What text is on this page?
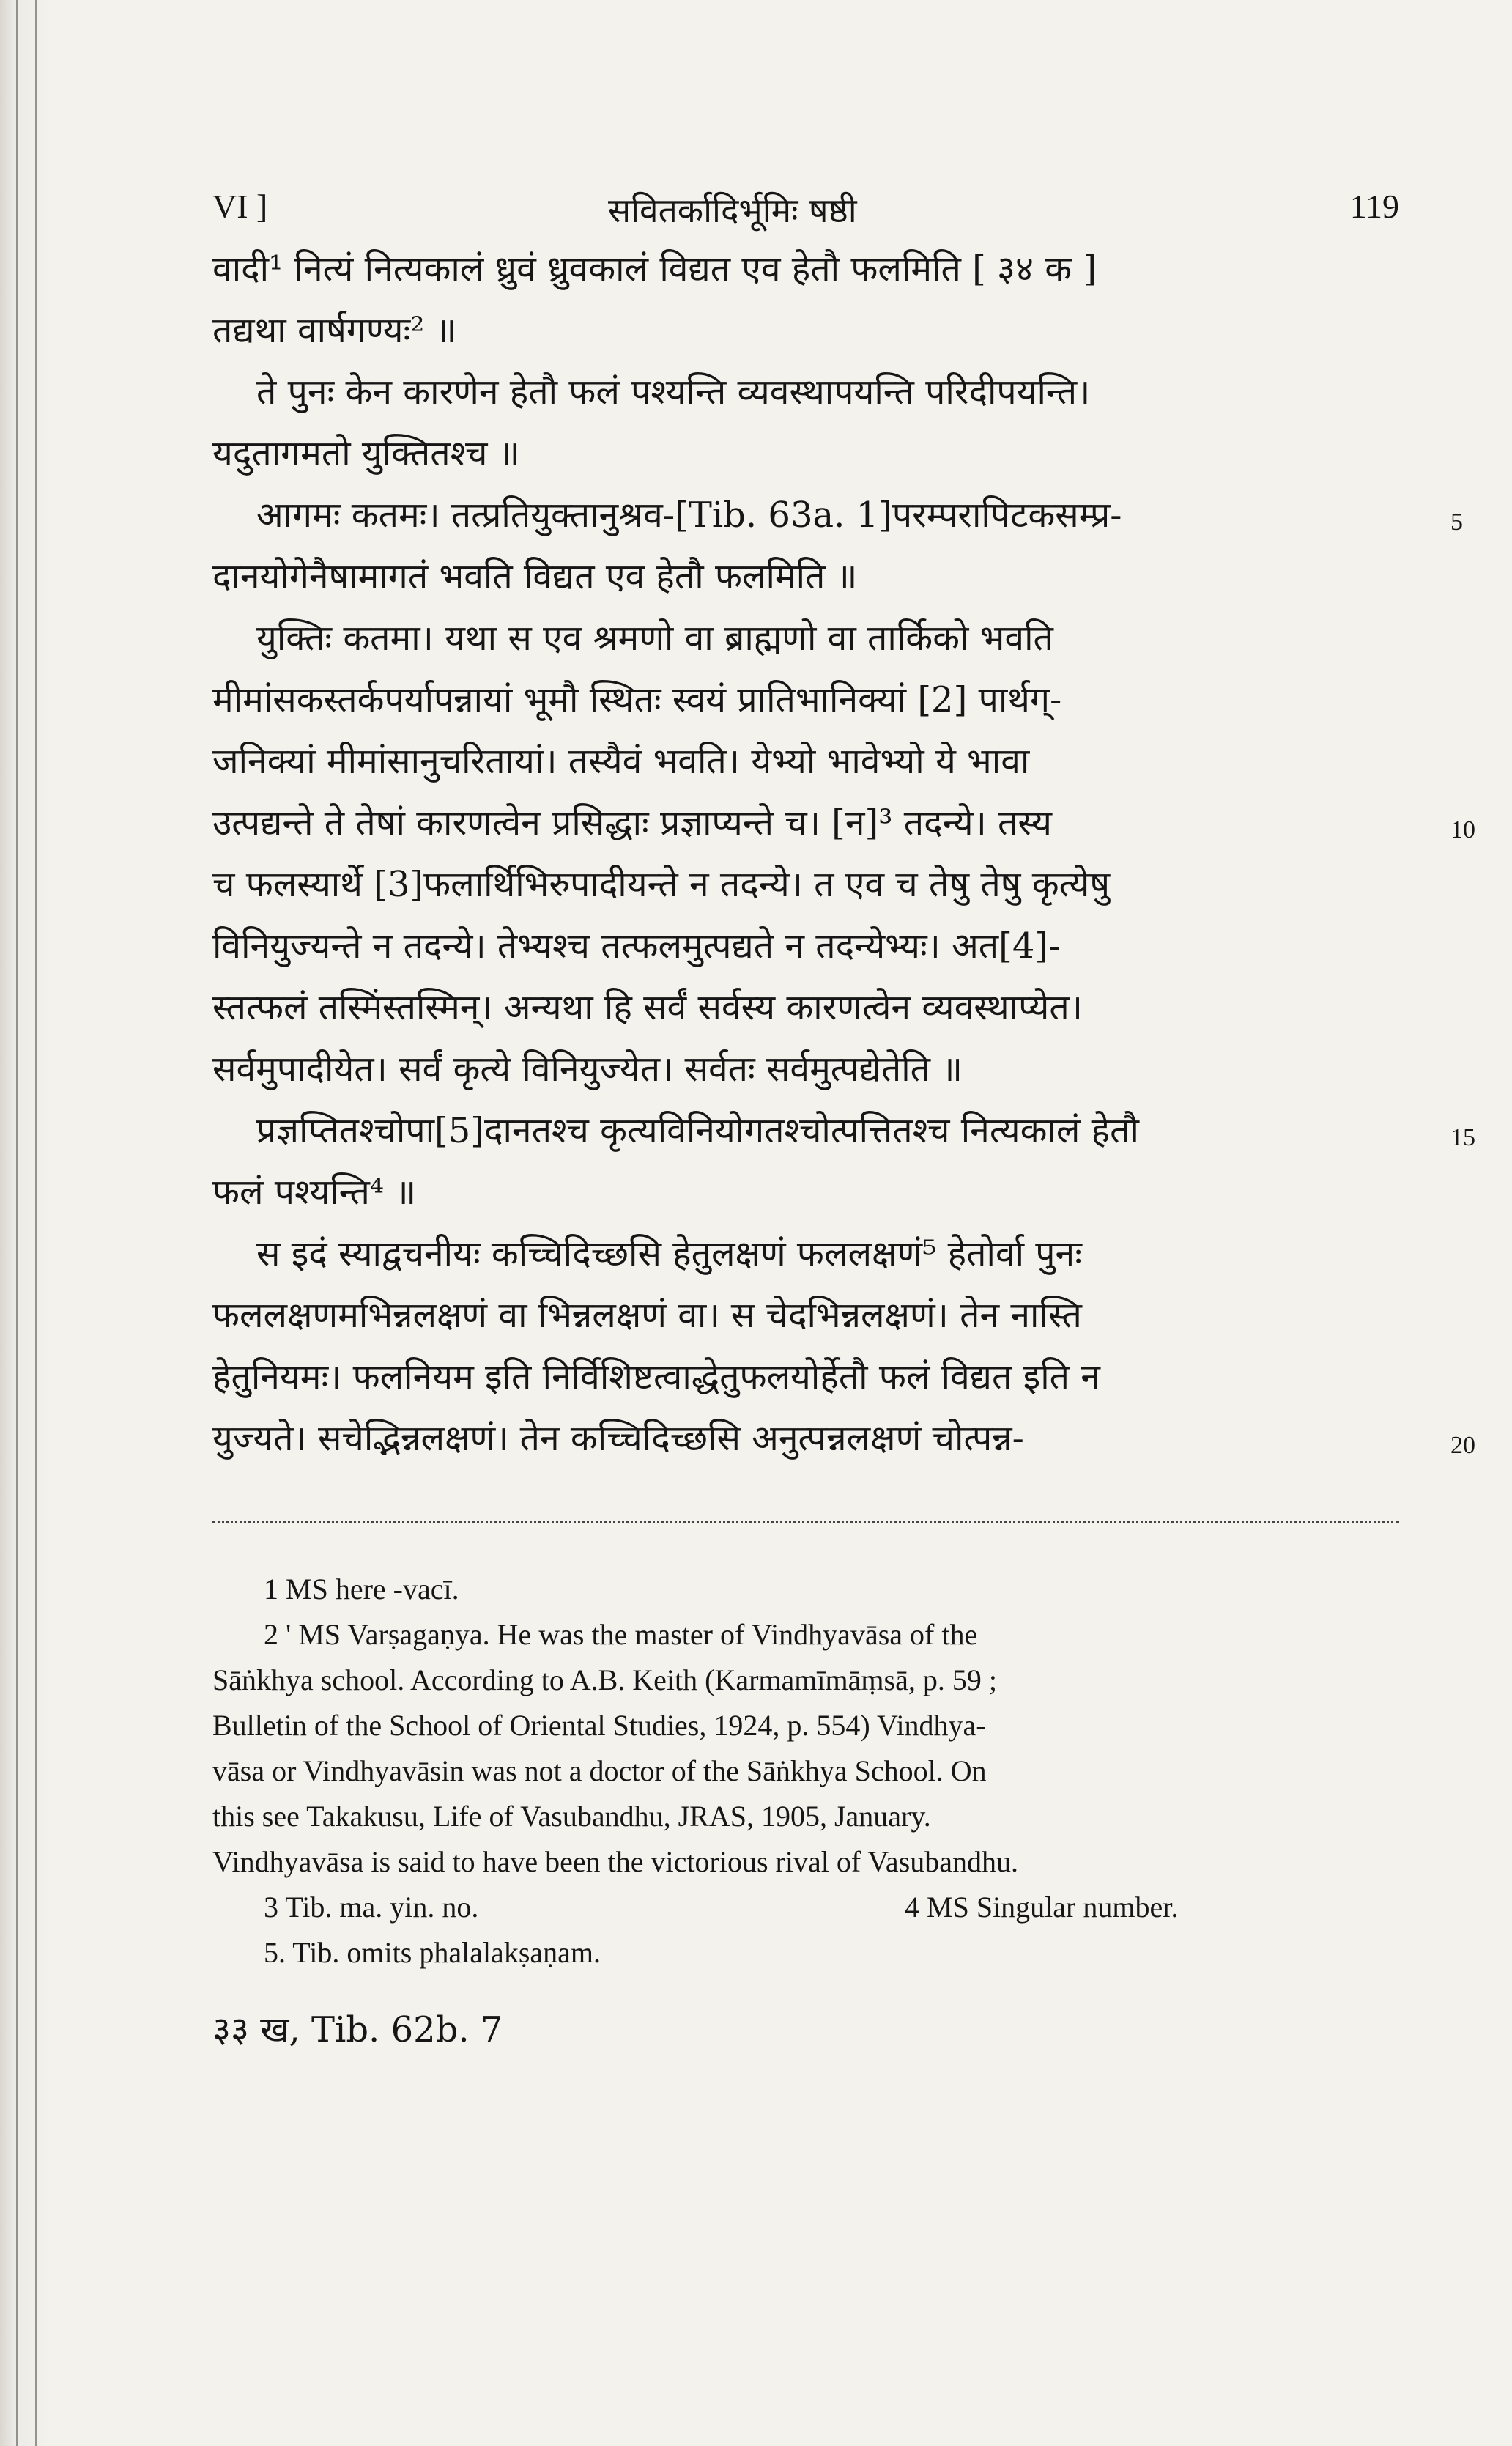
VI ]	सवितर्कादिर्भूमिः षष्ठी	119
वादी¹ नित्यं नित्यकालं ध्रुवं ध्रुवकालं विद्यत एव हेतौ फलमिति [ ३४ क ]
तद्यथा वार्षगण्यः² ॥
ते पुनः केन कारणेन हेतौ फलं पश्यन्ति व्यवस्थापयन्ति परिदीपयन्ति।
यदुतागमतो युक्तितश्च ॥
आगमः कतमः। तत्प्रतियुक्तानुश्रव-[Tib. 63a. 1]परम्परापिटकसम्प्र-	5
दानयोगेनैषामागतं भवति विद्यत एव हेतौ फलमिति ॥
युक्तिः कतमा। यथा स एव श्रमणो वा ब्राह्मणो वा तार्किको भवति
मीमांसकस्तर्कपर्यापन्नायां भूमौ स्थितः स्वयं प्रातिभानिक्यां [2] पार्थग्-
जनिक्यां मीमांसानुचरितायां। तस्यैवं भवति। येभ्यो भावेभ्यो ये भावा
उत्पद्यन्ते ते तेषां कारणत्वेन प्रसिद्धाः प्रज्ञाप्यन्ते च। [न]³ तदन्ये। तस्य	10
च फलस्यार्थे [3]फलार्थिभिरुपादीयन्ते न तदन्ये। त एव च तेषु तेषु कृत्येषु
विनियुज्यन्ते न तदन्ये। तेभ्यश्च तत्फलमुत्पद्यते न तदन्येभ्यः। अत[4]-
स्तत्फलं तस्मिंस्तस्मिन्। अन्यथा हि सर्वं सर्वस्य कारणत्वेन व्यवस्थाप्येत।
सर्वमुपादीयेत। सर्वं कृत्ये विनियुज्येत। सर्वतः सर्वमुत्पद्येतेति ॥
प्रज्ञप्तितश्चोपा[5]दानतश्च कृत्यविनियोगतश्चोत्पत्तितश्च नित्यकालं हेतौ	15
फलं पश्यन्ति⁴ ॥
स इदं स्याद्वचनीयः कच्चिदिच्छसि हेतुलक्षणं फललक्षणं⁵ हेतोर्वा पुनः
फललक्षणमभिन्नलक्षणं वा भिन्नलक्षणं वा। स चेदभिन्नलक्षणं। तेन नास्ति
हेतुनियमः। फलनियम इति निर्विशिष्टत्वाद्धेतुफलयोर्हेतौ फलं विद्यत इति न
युज्यते। सचेद्भिन्नलक्षणं। तेन कच्चिदिच्छसि अनुत्पन्नलक्षणं चोत्पन्न-	20
1 MS here -vacī.
2 ' MS Varṣagaṇya. He was the master of Vindhyavāsa of the
Sāṅkhya school. According to A.B. Keith (Karmamīmāṃsā, p. 59 ;
Bulletin of the School of Oriental Studies, 1924, p. 554) Vindhya-
vāsa or Vindhyavāsin was not a doctor of the Sāṅkhya School. On
this see Takakusu, Life of Vasubandhu, JRAS, 1905, January.
Vindhyavāsa is said to have been the victorious rival of Vasubandhu.
3 Tib. ma. yin. no.	4 MS Singular number.
5. Tib. omits phalalakṣaṇam.
३३ ख, Tib. 62b. 7
